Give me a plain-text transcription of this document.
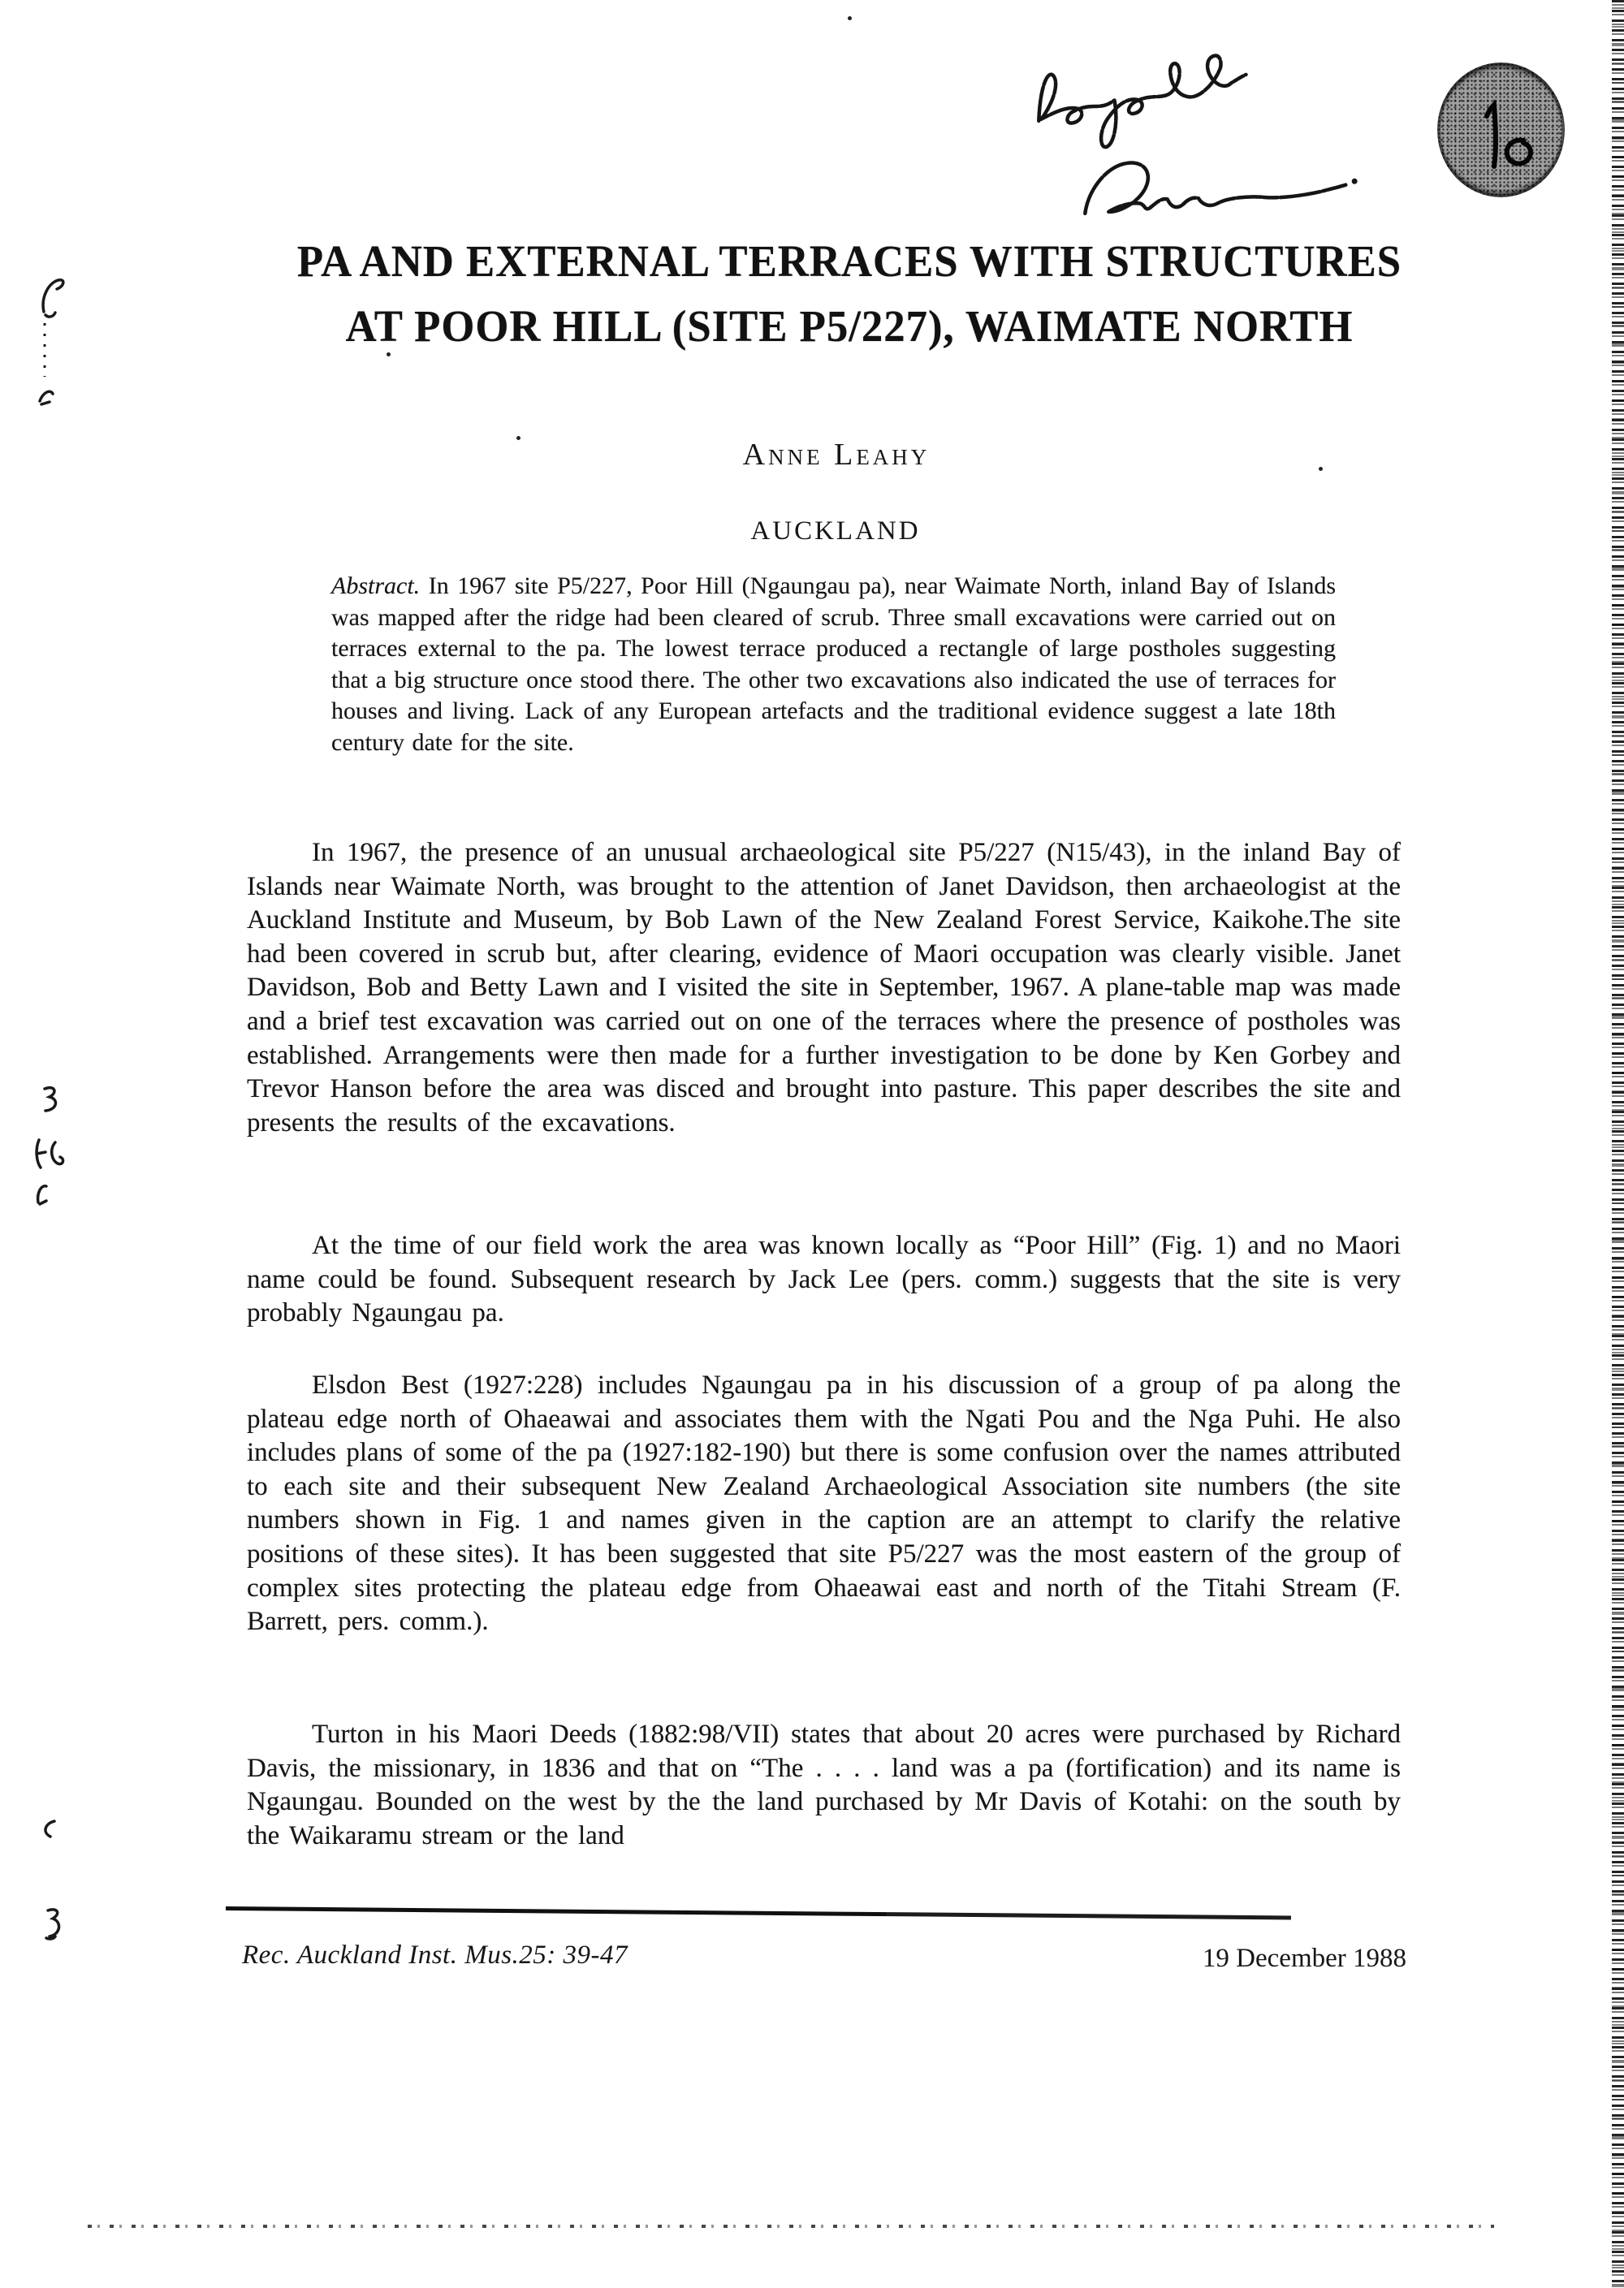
PA AND EXTERNAL TERRACES WITH STRUCTURES
AT POOR HILL (SITE P5/227), WAIMATE NORTH
Anne Leahy
AUCKLAND

Abstract. In 1967 site P5/227, Poor Hill (Ngaungau pa), near Waimate North, inland Bay of Islands was mapped after the ridge had been cleared of scrub. Three small excavations were carried out on terraces external to the pa. The lowest terrace produced a rectangle of large postholes suggesting that a big structure once stood there. The other two excavations also indicated the use of terraces for houses and living. Lack of any European artefacts and the traditional evidence suggest a late 18th century date for the site.

In 1967, the presence of an unusual archaeological site P5/227 (N15/43), in the inland Bay of Islands near Waimate North, was brought to the attention of Janet Davidson, then archaeologist at the Auckland Institute and Museum, by Bob Lawn of the New Zealand Forest Service, Kaikohe.The site had been covered in scrub but, after clearing, evidence of Maori occupation was clearly visible. Janet Davidson, Bob and Betty Lawn and I visited the site in September, 1967. A plane-table map was made and a brief test excavation was carried out on one of the terraces where the presence of postholes was established. Arrangements were then made for a further investigation to be done by Ken Gorbey and Trevor Hanson before the area was disced and brought into pasture. This paper describes the site and presents the results of the excavations.

At the time of our field work the area was known locally as “Poor Hill” (Fig. 1) and no Maori name could be found. Subsequent research by Jack Lee (pers. comm.) suggests that the site is very probably Ngaungau pa.

Elsdon Best (1927:228) includes Ngaungau pa in his discussion of a group of pa along the plateau edge north of Ohaeawai and associates them with the Ngati Pou and the Nga Puhi. He also includes plans of some of the pa (1927:182-190) but there is some confusion over the names attributed to each site and their subsequent New Zealand Archaeological Association site numbers (the site numbers shown in Fig. 1 and names given in the caption are an attempt to clarify the relative positions of these sites). It has been suggested that site P5/227 was the most eastern of the group of complex sites protecting the plateau edge from Ohaeawai east and north of the Titahi Stream (F. Barrett, pers. comm.).

Turton in his Maori Deeds (1882:98/VII) states that about 20 acres were purchased by Richard Davis, the missionary, in 1836 and that on “The . . . . land was a pa (fortification) and its name is Ngaungau. Bounded on the west by the the land purchased by Mr Davis of Kotahi: on the south by the Waikaramu stream or the land

Rec. Auckland Inst. Mus.25: 39-47	19 December 1988
